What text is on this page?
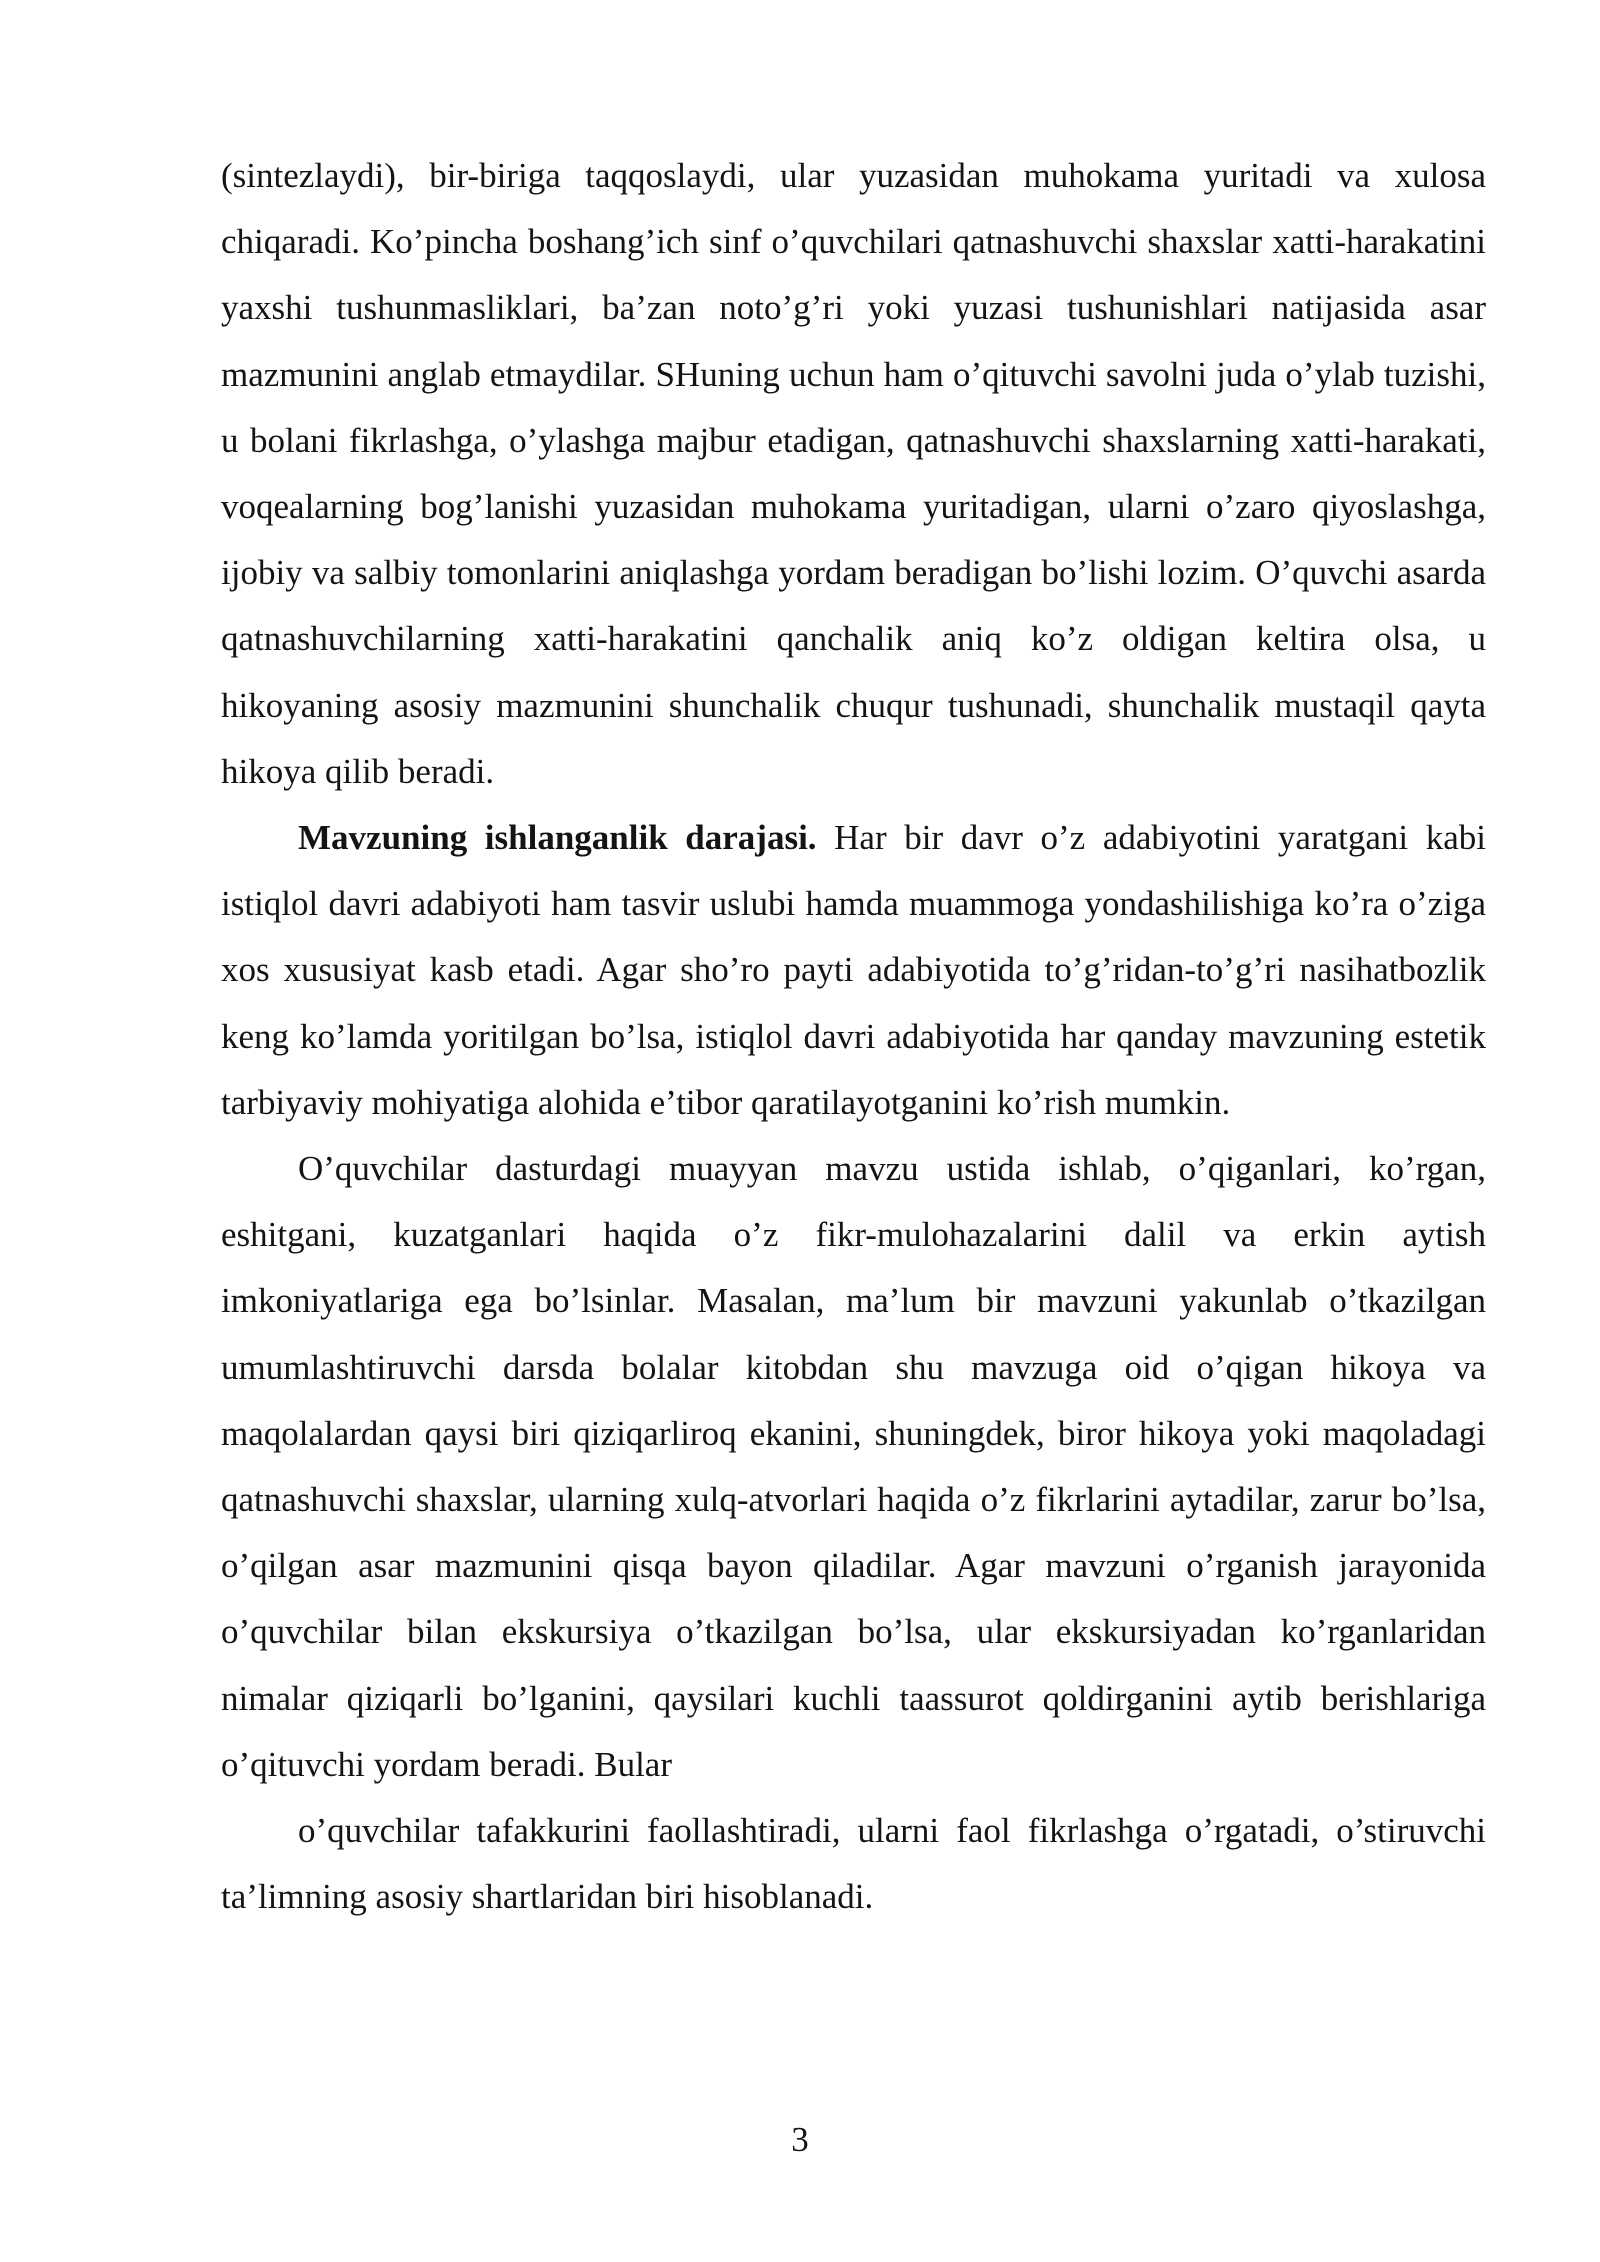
(sintezlaydi), bir-biriga taqqoslaydi, ular yuzasidan muhokama yuritadi va xulosa chiqaradi. Ko’pincha boshang’ich sinf o’quvchilari qatnashuvchi shaxslar xatti-harakatini yaxshi tushunmasliklari, ba’zan noto’g’ri yoki yuzasi tushunishlari natijasida asar mazmunini anglab etmaydilar. SHuning uchun ham o’qituvchi savolni juda o’ylab tuzishi, u bolani fikrlashga, o’ylashga majbur etadigan, qatnashuvchi shaxslarning xatti-harakati, voqealarning bog’lanishi yuzasidan muhokama yuritadigan, ularni o’zaro qiyoslashga, ijobiy va salbiy tomonlarini aniqlashga yordam beradigan bo’lishi lozim. O’quvchi asarda qatnashuvchilarning xatti-harakatini qanchalik aniq ko’z oldigan keltira olsa, u hikoyaning asosiy mazmunini shunchalik chuqur tushunadi, shunchalik mustaqil qayta hikoya qilib beradi.

Mavzuning ishlanganlik darajasi. Har bir davr o’z adabiyotini yaratgani kabi istiqlol davri adabiyoti ham tasvir uslubi hamda muammoga yondashilishiga ko’ra o’ziga xos xususiyat kasb etadi. Agar sho’ro payti adabiyotida to’g’ridan-to’g’ri nasihatbozlik keng ko’lamda yoritilgan bo’lsa, istiqlol davri adabiyotida har qanday mavzuning estetik tarbiyaviy mohiyatiga alohida e’tibor qaratilayotganini ko’rish mumkin.

O’quvchilar dasturdagi muayyan mavzu ustida ishlab, o’qiganlari, ko’rgan, eshitgani, kuzatganlari haqida o’z fikr-mulohazalarini dalil va erkin aytish imkoniyatlariga ega bo’lsinlar. Masalan, ma’lum bir mavzuni yakunlab o’tkazilgan umumlashtiruvchi darsda bolalar kitobdan shu mavzuga oid o’qigan hikoya va maqolalardan qaysi biri qiziqarliroq ekanini, shuningdek, biror hikoya yoki maqoladagi qatnashuvchi shaxslar, ularning xulq-atvorlari haqida o’z fikrlarini aytadilar, zarur bo’lsa, o’qilgan asar mazmunini qisqa bayon qiladilar. Agar mavzuni o’rganish jarayonida o’quvchilar bilan ekskursiya o’tkazilgan bo’lsa, ular ekskursiyadan ko’rganlaridan nimalar qiziqarli bo’lganini, qaysilari kuchli taassurot qoldirganini aytib berishlariga o’qituvchi yordam beradi. Bular

o’quvchilar tafakkurini faollashtiradi, ularni faol fikrlashga o’rgatadi, o’stiruvchi ta’limning asosiy shartlaridan biri hisoblanadi.

3
